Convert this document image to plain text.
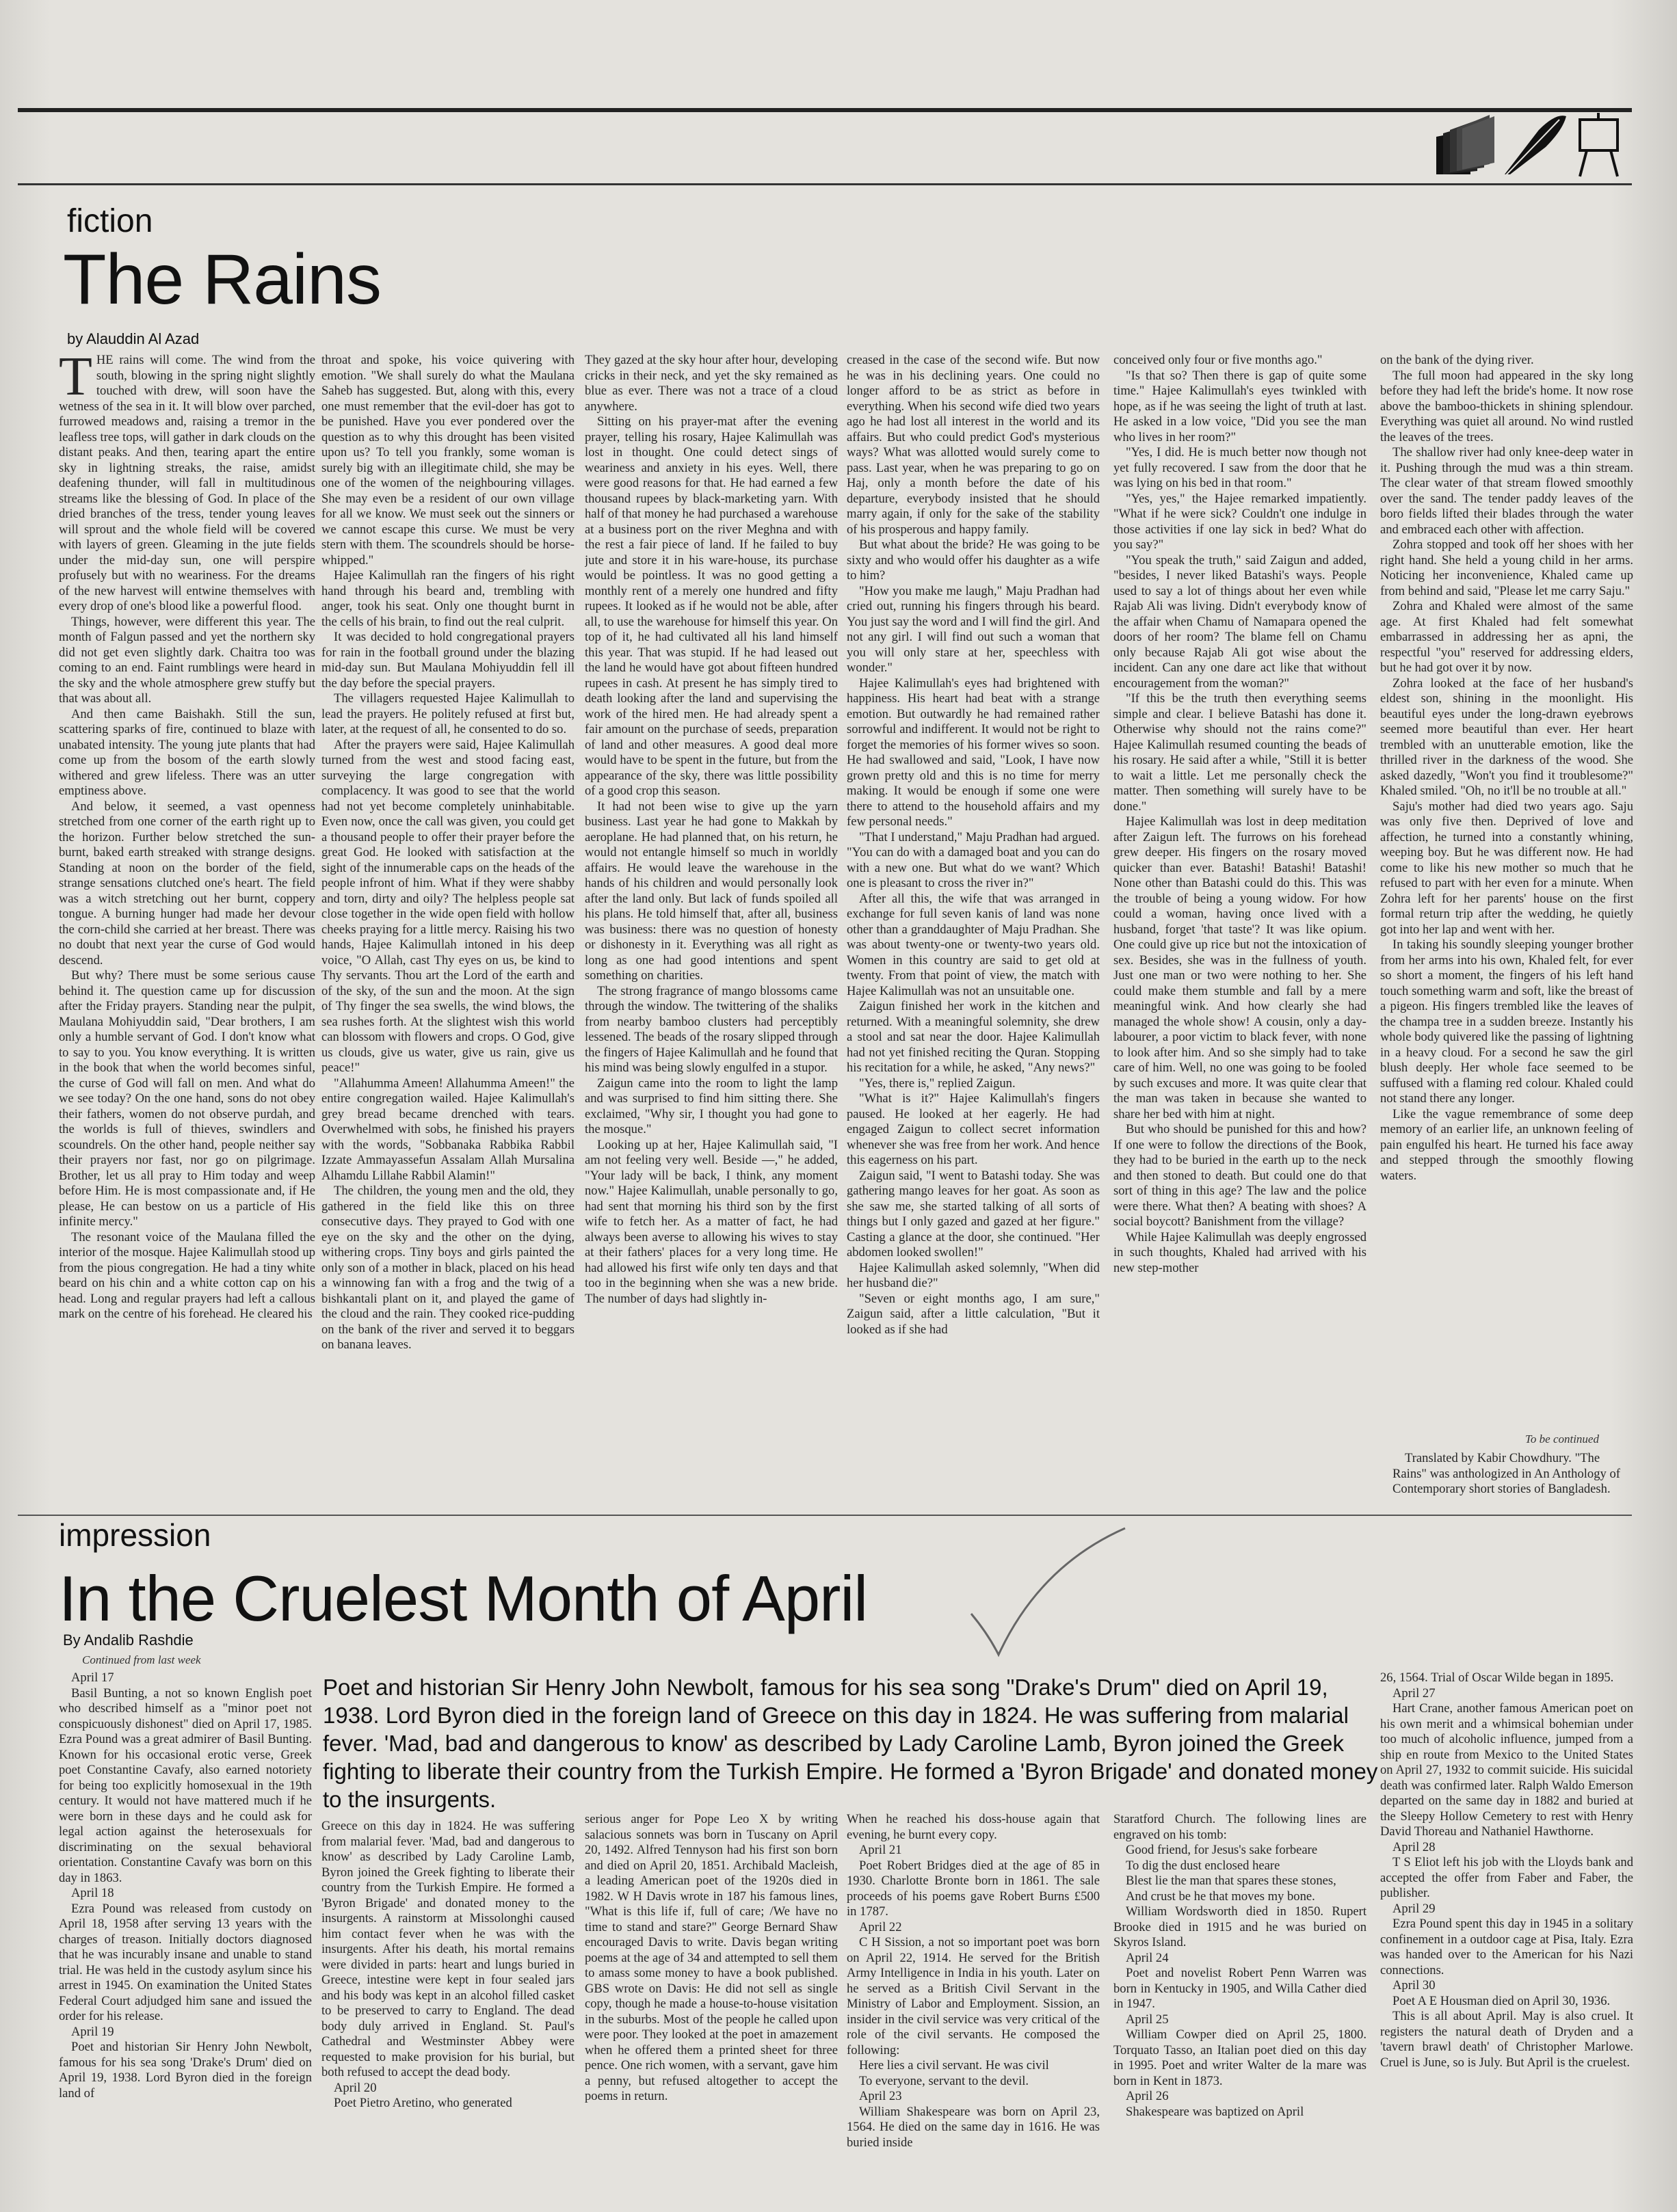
fiction
The Rains
by Alauddin Al Azad

THE rains will come. The wind from the south, blowing in the spring night slightly touched with drew, will soon have the wetness of the sea in it. It will blow over parched, furrowed meadows and, raising a tremor in the leafless tree tops, will gather in dark clouds on the distant peaks. And then, tearing apart the entire sky in lightning streaks, the raise, amidst deafening thunder, will fall in multitudinous streams like the blessing of God. In place of the dried branches of the tress, tender young leaves will sprout and the whole field will be covered with layers of green. Gleaming in the jute fields under the mid-day sun, one will perspire profusely but with no weariness. For the dreams of the new harvest will entwine themselves with every drop of one's blood like a powerful flood.

Things, however, were different this year. The month of Falgun passed and yet the northern sky did not get even slightly dark. Chaitra too was coming to an end. Faint rumblings were heard in the sky and the whole atmosphere grew stuffy but that was about all.

And then came Baishakh. Still the sun, scattering sparks of fire, continued to blaze with unabated intensity. The young jute plants that had come up from the bosom of the earth slowly withered and grew lifeless. There was an utter emptiness above.

And below, it seemed, a vast openness stretched from one corner of the earth right up to the horizon. Further below stretched the sun-burnt, baked earth streaked with strange designs. Standing at noon on the border of the field, strange sensations clutched one's heart. The field was a witch stretching out her burnt, coppery tongue. A burning hunger had made her devour the corn-child she carried at her breast. There was no doubt that next year the curse of God would descend.

But why? There must be some serious cause behind it. The question came up for discussion after the Friday prayers. Standing near the pulpit, Maulana Mohiyuddin said, "Dear brothers, I am only a humble servant of God. I don't know what to say to you. You know everything. It is written in the book that when the world becomes sinful, the curse of God will fall on men. And what do we see today? On the one hand, sons do not obey their fathers, women do not observe purdah, and the worlds is full of thieves, swindlers and scoundrels. On the other hand, people neither say their prayers nor fast, nor go on pilgrimage. Brother, let us all pray to Him today and weep before Him. He is most compassionate and, if He please, He can bestow on us a particle of His infinite mercy."

The resonant voice of the Maulana filled the interior of the mosque. Hajee Kalimullah stood up from the pious congregation. He had a tiny white beard on his chin and a white cotton cap on his head. Long and regular prayers had left a callous mark on the centre of his forehead. He cleared his

throat and spoke, his voice quivering with emotion. "We shall surely do what the Maulana Saheb has suggested. But, along with this, every one must remember that the evil-doer has got to be punished. Have you ever pondered over the question as to why this drought has been visited upon us? To tell you frankly, some woman is surely big with an illegitimate child, she may be one of the women of the neighbouring villages. She may even be a resident of our own village for all we know. We must seek out the sinners or we cannot escape this curse. We must be very stern with them. The scoundrels should be horse-whipped."

Hajee Kalimullah ran the fingers of his right hand through his beard and, trembling with anger, took his seat. Only one thought burnt in the cells of his brain, to find out the real culprit.

It was decided to hold congregational prayers for rain in the football ground under the blazing mid-day sun. But Maulana Mohiyuddin fell ill the day before the special prayers.

The villagers requested Hajee Kalimullah to lead the prayers. He politely refused at first but, later, at the request of all, he consented to do so.

After the prayers were said, Hajee Kalimullah turned from the west and stood facing east, surveying the large congregation with complacency. It was good to see that the world had not yet become completely uninhabitable. Even now, once the call was given, you could get a thousand people to offer their prayer before the great God. He looked with satisfaction at the sight of the innumerable caps on the heads of the people infront of him. What if they were shabby and torn, dirty and oily? The helpless people sat close together in the wide open field with hollow cheeks praying for a little mercy. Raising his two hands, Hajee Kalimullah intoned in his deep voice, "O Allah, cast Thy eyes on us, be kind to Thy servants. Thou art the Lord of the earth and of the sky, of the sun and the moon. At the sign of Thy finger the sea swells, the wind blows, the sea rushes forth. At the slightest wish this world can blossom with flowers and crops. O God, give us clouds, give us water, give us rain, give us peace!"

"Allahumma Ameen! Allahumma Ameen!" the entire congregation wailed. Hajee Kalimullah's grey bread became drenched with tears. Overwhelmed with sobs, he finished his prayers with the words, "Sobbanaka Rabbika Rabbil Izzate Ammayassefun Assalam Allah Mursalina Alhamdu Lillahe Rabbil Alamin!"

The children, the young men and the old, they gathered in the field like this on three consecutive days. They prayed to God with one eye on the sky and the other on the dying, withering crops. Tiny boys and girls painted the only son of a mother in black, placed on his head a winnowing fan with a frog and the twig of a bishkantali plant on it, and played the game of the cloud and the rain. They cooked rice-pudding on the bank of the river and served it to beggars on banana leaves.

They gazed at the sky hour after hour, developing cricks in their neck, and yet the sky remained as blue as ever. There was not a trace of a cloud anywhere.

Sitting on his prayer-mat after the evening prayer, telling his rosary, Hajee Kalimullah was lost in thought. One could detect sings of weariness and anxiety in his eyes. Well, there were good reasons for that. He had earned a few thousand rupees by black-marketing yarn. With half of that money he had purchased a warehouse at a business port on the river Meghna and with the rest a fair piece of land. If he failed to buy jute and store it in his ware-house, its purchase would be pointless. It was no good getting a monthly rent of a merely one hundred and fifty rupees. It looked as if he would not be able, after all, to use the warehouse for himself this year. On top of it, he had cultivated all his land himself this year. That was stupid. If he had leased out the land he would have got about fifteen hundred rupees in cash. At present he has simply tired to death looking after the land and supervising the work of the hired men. He had already spent a fair amount on the purchase of seeds, preparation of land and other measures. A good deal more would have to be spent in the future, but from the appearance of the sky, there was little possibility of a good crop this season.

It had not been wise to give up the yarn business. Last year he had gone to Makkah by aeroplane. He had planned that, on his return, he would not entangle himself so much in worldly affairs. He would leave the warehouse in the hands of his children and would personally look after the land only. But lack of funds spoiled all his plans. He told himself that, after all, business was business: there was no question of honesty or dishonesty in it. Everything was all right as long as one had good intentions and spent something on charities.

The strong fragrance of mango blossoms came through the window. The twittering of the shaliks from nearby bamboo clusters had perceptibly lessened. The beads of the rosary slipped through the fingers of Hajee Kalimullah and he found that his mind was being slowly engulfed in a stupor.

Zaigun came into the room to light the lamp and was surprised to find him sitting there. She exclaimed, "Why sir, I thought you had gone to the mosque."

Looking up at her, Hajee Kalimullah said, "I am not feeling very well. Beside —," he added, "Your lady will be back, I think, any moment now." Hajee Kalimullah, unable personally to go, had sent that morning his third son by the first wife to fetch her. As a matter of fact, he had always been averse to allowing his wives to stay at their fathers' places for a very long time. He had allowed his first wife only ten days and that too in the beginning when she was a new bride. The number of days had slightly in-

creased in the case of the second wife. But now he was in his declining years. One could no longer afford to be as strict as before in everything. When his second wife died two years ago he had lost all interest in the world and its affairs. But who could predict God's mysterious ways? What was allotted would surely come to pass. Last year, when he was preparing to go on Haj, only a month before the date of his departure, everybody insisted that he should marry again, if only for the sake of the stability of his prosperous and happy family.

But what about the bride? He was going to be sixty and who would offer his daughter as a wife to him?

"How you make me laugh," Maju Pradhan had cried out, running his fingers through his beard. You just say the word and I will find the girl. And not any girl. I will find out such a woman that you will only stare at her, speechless with wonder."

Hajee Kalimullah's eyes had brightened with happiness. His heart had beat with a strange emotion. But outwardly he had remained rather sorrowful and indifferent. It would not be right to forget the memories of his former wives so soon. He had swallowed and said, "Look, I have now grown pretty old and this is no time for merry making. It would be enough if some one were there to attend to the household affairs and my few personal needs."

"That I understand," Maju Pradhan had argued. "You can do with a damaged boat and you can do with a new one. But what do we want? Which one is pleasant to cross the river in?"

After all this, the wife that was arranged in exchange for full seven kanis of land was none other than a granddaughter of Maju Pradhan. She was about twenty-one or twenty-two years old. Women in this country are said to get old at twenty. From that point of view, the match with Hajee Kalimullah was not an unsuitable one.

Zaigun finished her work in the kitchen and returned. With a meaningful solemnity, she drew a stool and sat near the door. Hajee Kalimullah had not yet finished reciting the Quran. Stopping his recitation for a while, he asked, "Any news?"

"Yes, there is," replied Zaigun.

"What is it?" Hajee Kalimullah's fingers paused. He looked at her eagerly. He had engaged Zaigun to collect secret information whenever she was free from her work. And hence this eagerness on his part.

Zaigun said, "I went to Batashi today. She was gathering mango leaves for her goat. As soon as she saw me, she started talking of all sorts of things but I only gazed and gazed at her figure." Casting a glance at the door, she continued. "Her abdomen looked swollen!"

Hajee Kalimullah asked solemnly, "When did her husband die?"

"Seven or eight months ago, I am sure," Zaigun said, after a little calculation, "But it looked as if she had

conceived only four or five months ago."

"Is that so? Then there is gap of quite some time." Hajee Kalimullah's eyes twinkled with hope, as if he was seeing the light of truth at last. He asked in a low voice, "Did you see the man who lives in her room?"

"Yes, I did. He is much better now though not yet fully recovered. I saw from the door that he was lying on his bed in that room."

"Yes, yes," the Hajee remarked impatiently. "What if he were sick? Couldn't one indulge in those activities if one lay sick in bed? What do you say?"

"You speak the truth," said Zaigun and added, "besides, I never liked Batashi's ways. People used to say a lot of things about her even while Rajab Ali was living. Didn't everybody know of the affair when Chamu of Namapara opened the doors of her room? The blame fell on Chamu only because Rajab Ali got wise about the incident. Can any one dare act like that without encouragement from the woman?"

"If this be the truth then everything seems simple and clear. I believe Batashi has done it. Otherwise why should not the rains come?" Hajee Kalimullah resumed counting the beads of his rosary. He said after a while, "Still it is better to wait a little. Let me personally check the matter. Then something will surely have to be done."

Hajee Kalimullah was lost in deep meditation after Zaigun left. The furrows on his forehead grew deeper. His fingers on the rosary moved quicker than ever. Batashi! Batashi! Batashi! None other than Batashi could do this. This was the trouble of being a young widow. For how could a woman, having once lived with a husband, forget 'that taste'? It was like opium. One could give up rice but not the intoxication of sex. Besides, she was in the fullness of youth. Just one man or two were nothing to her. She could make them stumble and fall by a mere meaningful wink. And how clearly she had managed the whole show! A cousin, only a day-labourer, a poor victim to black fever, with none to look after him. And so she simply had to take care of him. Well, no one was going to be fooled by such excuses and more. It was quite clear that the man was taken in because she wanted to share her bed with him at night.

But who should be punished for this and how? If one were to follow the directions of the Book, they had to be buried in the earth up to the neck and then stoned to death. But could one do that sort of thing in this age? The law and the police were there. What then? A beating with shoes? A social boycott? Banishment from the village?

While Hajee Kalimullah was deeply engrossed in such thoughts, Khaled had arrived with his new step-mother

on the bank of the dying river.

The full moon had appeared in the sky long before they had left the bride's home. It now rose above the bamboo-thickets in shining splendour. Everything was quiet all around. No wind rustled the leaves of the trees.

The shallow river had only knee-deep water in it. Pushing through the mud was a thin stream. The clear water of that stream flowed smoothly over the sand. The tender paddy leaves of the boro fields lifted their blades through the water and embraced each other with affection.

Zohra stopped and took off her shoes with her right hand. She held a young child in her arms. Noticing her inconvenience, Khaled came up from behind and said, "Please let me carry Saju."

Zohra and Khaled were almost of the same age. At first Khaled had felt somewhat embarrassed in addressing her as apni, the respectful "you" reserved for addressing elders, but he had got over it by now.

Zohra looked at the face of her husband's eldest son, shining in the moonlight. His beautiful eyes under the long-drawn eyebrows seemed more beautiful than ever. Her heart trembled with an unutterable emotion, like the thrilled river in the darkness of the wood. She asked dazedly, "Won't you find it troublesome?" Khaled smiled. "Oh, no it'll be no trouble at all."

Saju's mother had died two years ago. Saju was only five then. Deprived of love and affection, he turned into a constantly whining, weeping boy. But he was different now. He had come to like his new mother so much that he refused to part with her even for a minute. When Zohra left for her parents' house on the first formal return trip after the wedding, he quietly got into her lap and went with her.

In taking his soundly sleeping younger brother from her arms into his own, Khaled felt, for ever so short a moment, the fingers of his left hand touch something warm and soft, like the breast of a pigeon. His fingers trembled like the leaves of the champa tree in a sudden breeze. Instantly his whole body quivered like the passing of lightning in a heavy cloud. For a second he saw the girl blush deeply. Her whole face seemed to be suffused with a flaming red colour. Khaled could not stand there any longer.

Like the vague remembrance of some deep memory of an earlier life, an unknown feeling of pain engulfed his heart. He turned his face away and stepped through the smoothly flowing waters.

To be continued
Translated by Kabir Chowdhury. "The Rains" was anthologized in An Anthology of Contemporary short stories of Bangladesh.
impression
In the Cruelest Month of April
By Andalib Rashdie
Continued from last week

April 17

Basil Bunting, a not so known English poet who described himself as a "minor poet not conspicuously dishonest" died on April 17, 1985. Ezra Pound was a great admirer of Basil Bunting. Known for his occasional erotic verse, Greek poet Constantine Cavafy, also earned notoriety for being too explicitly homosexual in the 19th century. It would not have mattered much if he were born in these days and he could ask for legal action against the heterosexuals for discriminating on the sexual behavioral orientation. Constantine Cavafy was born on this day in 1863.

April 18

Ezra Pound was released from custody on April 18, 1958 after serving 13 years with the charges of treason. Initially doctors diagnosed that he was incurably insane and unable to stand trial. He was held in the custody asylum since his arrest in 1945. On examination the United States Federal Court adjudged him sane and issued the order for his release.

April 19

Poet and historian Sir Henry John Newbolt, famous for his sea song 'Drake's Drum' died on April 19, 1938. Lord Byron died in the foreign land of

Poet and historian Sir Henry John Newbolt, famous for his sea song "Drake's Drum" died on April 19, 1938. Lord Byron died in the foreign land of Greece on this day in 1824. He was suffering from malarial fever. 'Mad, bad and dangerous to know' as described by Lady Caroline Lamb, Byron joined the Greek fighting to liberate their country from the Turkish Empire. He formed a 'Byron Brigade' and donated money to the insurgents.

Greece on this day in 1824. He was suffering from malarial fever. 'Mad, bad and dangerous to know' as described by Lady Caroline Lamb, Byron joined the Greek fighting to liberate their country from the Turkish Empire. He formed a 'Byron Brigade' and donated money to the insurgents. A rainstorm at Missolonghi caused him contact fever when he was with the insurgents. After his death, his mortal remains were divided in parts: heart and lungs buried in Greece, intestine were kept in four sealed jars and his body was kept in an alcohol filled casket to be preserved to carry to England. The dead body duly arrived in England. St. Paul's Cathedral and Westminster Abbey were requested to make provision for his burial, but both refused to accept the dead body.

April 20

Poet Pietro Aretino, who generated

serious anger for Pope Leo X by writing salacious sonnets was born in Tuscany on April 20, 1492. Alfred Tennyson had his first son born and died on April 20, 1851. Archibald Macleish, a leading American poet of the 1920s died in 1982. W H Davis wrote in 187 his famous lines, "What is this life if, full of care; /We have no time to stand and stare?" George Bernard Shaw encouraged Davis to write. Davis began writing poems at the age of 34 and attempted to sell them to amass some money to have a book published. GBS wrote on Davis: He did not sell as single copy, though he made a house-to-house visitation in the suburbs. Most of the people he called upon were poor. They looked at the poet in amazement when he offered them a printed sheet for three pence. One rich women, with a servant, gave him a penny, but refused altogether to accept the poems in return.

When he reached his doss-house again that evening, he burnt every copy.

April 21

Poet Robert Bridges died at the age of 85 in 1930. Charlotte Bronte born in 1861. The sale proceeds of his poems gave Robert Burns £500 in 1787.

April 22

C H Sission, a not so important poet was born on April 22, 1914. He served for the British Army Intelligence in India in his youth. Later on he served as a British Civil Servant in the Ministry of Labor and Employment. Sission, an insider in the civil service was very critical of the role of the civil servants. He composed the following:

Here lies a civil servant. He was civil

To everyone, servant to the devil.

April 23

William Shakespeare was born on April 23, 1564. He died on the same day in 1616. He was buried inside

Staratford Church. The following lines are engraved on his tomb:

Good friend, for Jesus's sake forbeare

To dig the dust enclosed heare

Blest lie the man that spares these stones,

And crust be he that moves my bone.

William Wordsworth died in 1850. Rupert Brooke died in 1915 and he was buried on Skyros Island.

April 24

Poet and novelist Robert Penn Warren was born in Kentucky in 1905, and Willa Cather died in 1947.

April 25

William Cowper died on April 25, 1800. Torquato Tasso, an Italian poet died on this day in 1995. Poet and writer Walter de la mare was born in Kent in 1873.

April 26

Shakespeare was baptized on April

26, 1564. Trial of Oscar Wilde began in 1895.

April 27

Hart Crane, another famous American poet on his own merit and a whimsical bohemian under too much of alcoholic influence, jumped from a ship en route from Mexico to the United States on April 27, 1932 to commit suicide. His suicidal death was confirmed later. Ralph Waldo Emerson departed on the same day in 1882 and buried at the Sleepy Hollow Cemetery to rest with Henry David Thoreau and Nathaniel Hawthorne.

April 28

T S Eliot left his job with the Lloyds bank and accepted the offer from Faber and Faber, the publisher.

April 29

Ezra Pound spent this day in 1945 in a solitary confinement in a outdoor cage at Pisa, Italy. Ezra was handed over to the American for his Nazi connections.

April 30

Poet A E Housman died on April 30, 1936.

This is all about April. May is also cruel. It registers the natural death of Dryden and a 'tavern brawl death' of Christopher Marlowe. Cruel is June, so is July. But April is the cruelest.
